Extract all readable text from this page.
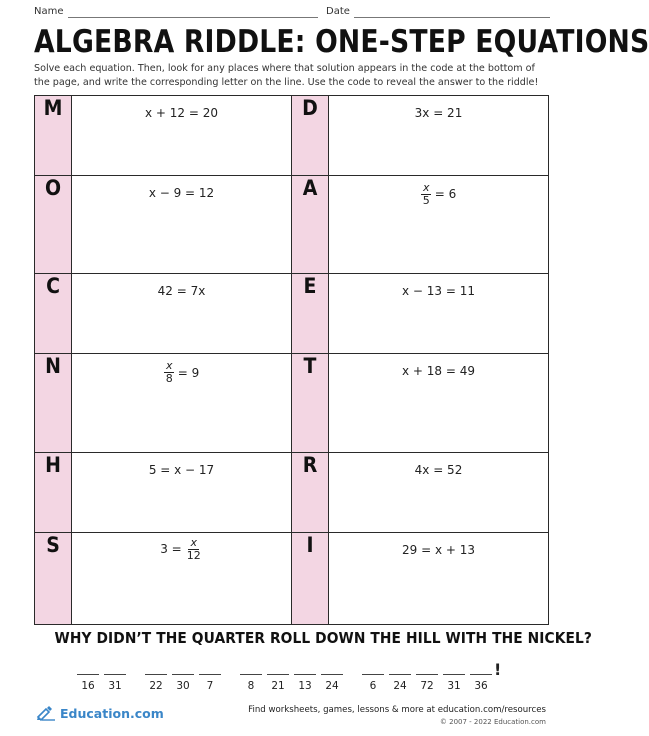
Name	Date
ALGEBRA RIDDLE: ONE-STEP EQUATIONS
Solve each equation. Then, look for any places where that solution appears in the code at the bottom of the page, and write the corresponding letter on the line. Use the code to reveal the answer to the riddle!
M	x + 12 = 20	D	3x = 21
O	x − 9 = 12	A	$\frac{x}{5} = 6$

C	42 = 7x	E	x − 13 = 11
N	$\frac{x}{8} = 9$	T	x + 18 = 49
H	5 = x − 17	R	4x = 52
S	$3 = \frac{x}{12}$	I	29 = x + 13
WHY DIDN’T THE QUARTER ROLL DOWN THE HILL WITH THE NICKEL?
16	31	22	30	7	8	21	13	24	6	24	72	31	36
!
Education.com	Find worksheets, games, lessons & more at education.com/resources
© 2007 - 2022 Education.com
